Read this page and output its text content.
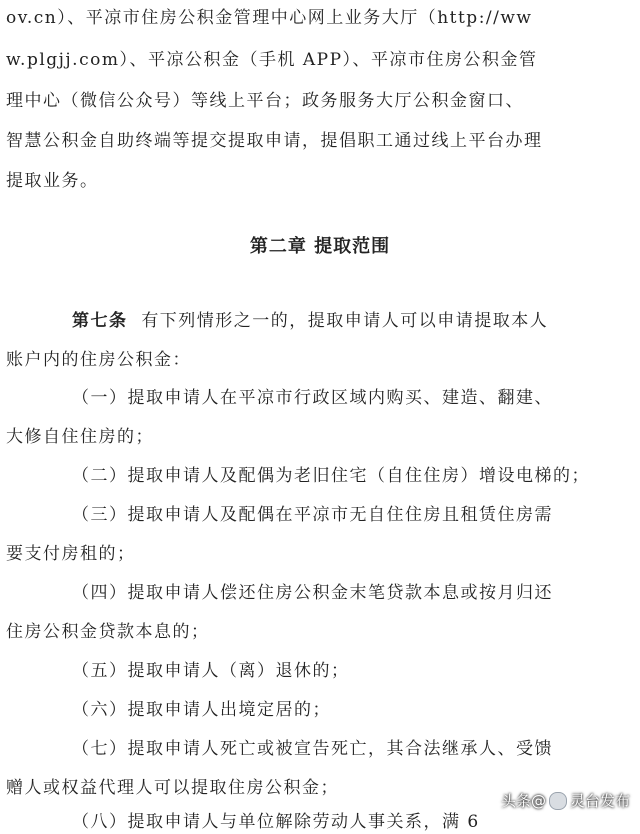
ov.cn）、平凉市住房公积金管理中心网上业务大厅（http://ww
w.plgjj.com）、平凉公积金（手机 APP）、平凉市住房公积金管
理中心（微信公众号）等线上平台；政务服务大厅公积金窗口、
智慧公积金自助终端等提交提取申请，提倡职工通过线上平台办理
提取业务。
第二章 提取范围
第七条 有下列情形之一的，提取申请人可以申请提取本人
账户内的住房公积金：
（一）提取申请人在平凉市行政区域内购买、建造、翻建、
大修自住住房的；
（二）提取申请人及配偶为老旧住宅（自住住房）增设电梯的；
（三）提取申请人及配偶在平凉市无自住住房且租赁住房需
要支付房租的；
（四）提取申请人偿还住房公积金末笔贷款本息或按月归还
住房公积金贷款本息的；
（五）提取申请人（离）退休的；
（六）提取申请人出境定居的；
（七）提取申请人死亡或被宣告死亡，其合法继承人、受馈
赠人或权益代理人可以提取住房公积金；
（八）提取申请人与单位解除劳动人事关系，满 6
头条 @ 灵台发布
